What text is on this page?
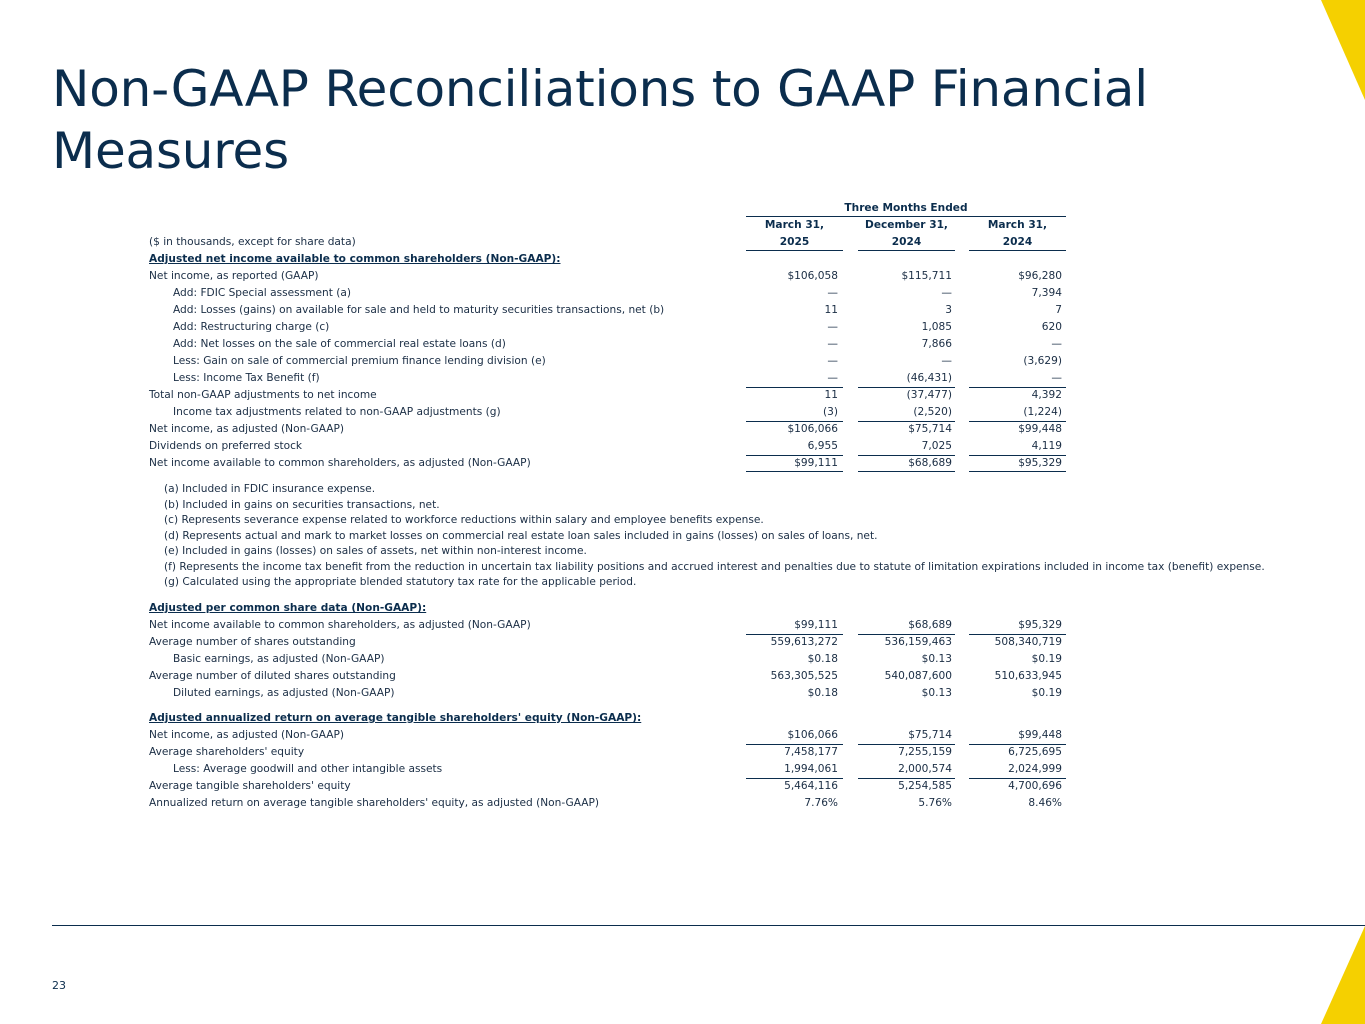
Non-GAAP Reconciliations to GAAP Financial Measures
Three Months Ended
March 31,	December 31,	March 31,
($ in thousands, except for share data)	2025	2024	2024
Adjusted net income available to common shareholders (Non-GAAP):
Net income, as reported (GAAP)	$106,058	$115,711	$96,280
Add: FDIC Special assessment (a)	—	—	7,394
Add: Losses (gains) on available for sale and held to maturity securities transactions, net (b)	11	3	7
Add: Restructuring charge (c)	—	1,085	620
Add: Net losses on the sale of commercial real estate loans (d)	—	7,866	—
Less: Gain on sale of commercial premium finance lending division (e)	—	—	(3,629)
Less: Income Tax Benefit (f)	—	(46,431)	—
Total non-GAAP adjustments to net income	11	(37,477)	4,392
Income tax adjustments related to non-GAAP adjustments (g)	(3)	(2,520)	(1,224)
Net income, as adjusted (Non-GAAP)	$106,066	$75,714	$99,448
Dividends on preferred stock	6,955	7,025	4,119
Net income available to common shareholders, as adjusted (Non-GAAP)	$99,111	$68,689	$95,329
(a) Included in FDIC insurance expense.
(b) Included in gains on securities transactions, net.
(c) Represents severance expense related to workforce reductions within salary and employee benefits expense.
(d) Represents actual and mark to market losses on commercial real estate loan sales included in gains (losses) on sales of loans, net.
(e) Included in gains (losses) on sales of assets, net within non-interest income.
(f) Represents the income tax benefit from the reduction in uncertain tax liability positions and accrued interest and penalties due to statute of limitation expirations included in income tax (benefit) expense.
(g) Calculated using the appropriate blended statutory tax rate for the applicable period.
Adjusted per common share data (Non-GAAP):
Net income available to common shareholders, as adjusted (Non-GAAP)	$99,111	$68,689	$95,329
Average number of shares outstanding	559,613,272	536,159,463	508,340,719
Basic earnings, as adjusted (Non-GAAP)	$0.18	$0.13	$0.19
Average number of diluted shares outstanding	563,305,525	540,087,600	510,633,945
Diluted earnings, as adjusted (Non-GAAP)	$0.18	$0.13	$0.19
Adjusted annualized return on average tangible shareholders' equity (Non-GAAP):
Net income, as adjusted (Non-GAAP)	$106,066	$75,714	$99,448
Average shareholders' equity	7,458,177	7,255,159	6,725,695
Less: Average goodwill and other intangible assets	1,994,061	2,000,574	2,024,999
Average tangible shareholders' equity	5,464,116	5,254,585	4,700,696
Annualized return on average tangible shareholders' equity, as adjusted (Non-GAAP)	7.76%	5.76%	8.46%
23
